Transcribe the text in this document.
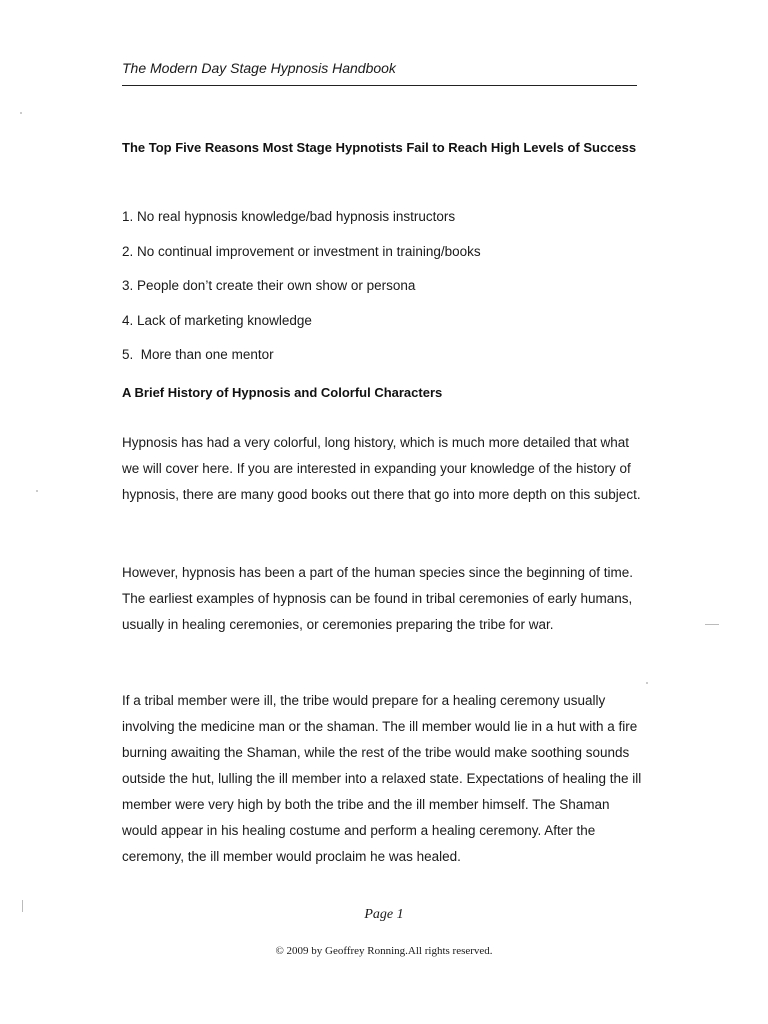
The Modern Day Stage Hypnosis Handbook
The Top Five Reasons Most Stage Hypnotists Fail to Reach High Levels of Success
1. No real hypnosis knowledge/bad hypnosis instructors
2. No continual improvement or investment in training/books
3. People don’t create their own show or persona
4. Lack of marketing knowledge
5.  More than one mentor
A Brief History of Hypnosis and Colorful Characters

Hypnosis has had a very colorful, long history, which is much more detailed that what we will cover here. If you are interested in expanding your knowledge of the history of hypnosis, there are many good books out there that go into more depth on this subject.

However, hypnosis has been a part of the human species since the beginning of time. The earliest examples of hypnosis can be found in tribal ceremonies of early humans, usually in healing ceremonies, or ceremonies preparing the tribe for war.

If a tribal member were ill, the tribe would prepare for a healing ceremony usually involving the medicine man or the shaman. The ill member would lie in a hut with a fire burning awaiting the Shaman, while the rest of the tribe would make soothing sounds outside the hut, lulling the ill member into a relaxed state. Expectations of healing the ill member were very high by both the tribe and the ill member himself. The Shaman would appear in his healing costume and perform a healing ceremony. After the ceremony, the ill member would proclaim he was healed.

Page 1
© 2009 by Geoffrey Ronning.All rights reserved.
